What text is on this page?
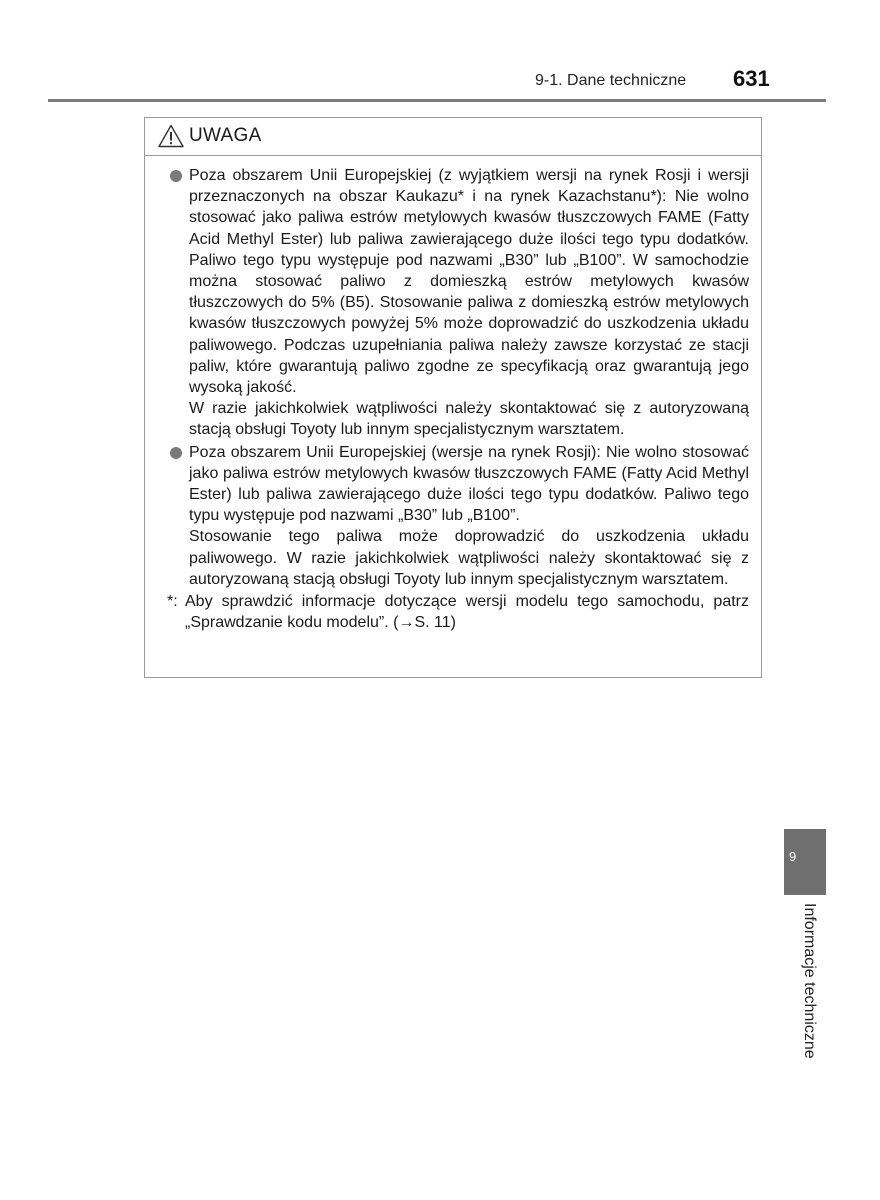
9-1. Dane techniczne	631
UWAGA
Poza obszarem Unii Europejskiej (z wyjątkiem wersji na rynek Rosji i wersji przeznaczonych na obszar Kaukazu* i na rynek Kazachstanu*): Nie wolno stosować jako paliwa estrów metylowych kwasów tłuszczowych FAME (Fatty Acid Methyl Ester) lub paliwa zawierającego duże ilości tego typu dodatków. Paliwo tego typu występuje pod nazwami „B30” lub „B100”. W samochodzie można stosować paliwo z domieszką estrów metylowych kwasów tłuszczowych do 5% (B5). Stosowanie paliwa z domieszką estrów metylowych kwasów tłuszczowych powyżej 5% może doprowadzić do uszkodzenia układu paliwowego. Podczas uzupełniania paliwa należy zawsze korzystać ze stacji paliw, które gwarantują paliwo zgodne ze specyfikacją oraz gwarantują jego wysoką jakość.
W razie jakichkolwiek wątpliwości należy skontaktować się z autoryzowaną stacją obsługi Toyoty lub innym specjalistycznym warsztatem.
Poza obszarem Unii Europejskiej (wersje na rynek Rosji): Nie wolno stosować jako paliwa estrów metylowych kwasów tłuszczowych FAME (Fatty Acid Methyl Ester) lub paliwa zawierającego duże ilości tego typu dodatków. Paliwo tego typu występuje pod nazwami „B30” lub „B100”.
Stosowanie tego paliwa może doprowadzić do uszkodzenia układu paliwowego. W razie jakichkolwiek wątpliwości należy skontaktować się z autoryzowaną stacją obsługi Toyoty lub innym specjalistycznym warsztatem.
*: Aby sprawdzić informacje dotyczące wersji modelu tego samochodu, patrz „Sprawdzanie kodu modelu”. (→S. 11)
9
Informacje techniczne
